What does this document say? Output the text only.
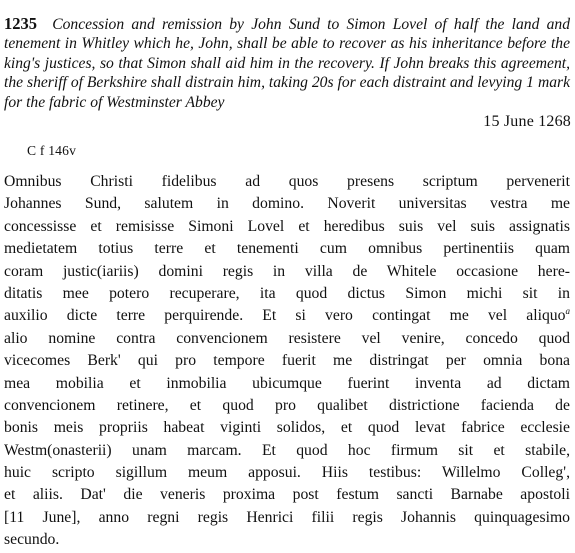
1235 Concession and remission by John Sund to Simon Lovel of half the land and tenement in Whitley which he, John, shall be able to recover as his inheritance before the king's justices, so that Simon shall aid him in the recovery. If John breaks this agreement, the sheriff of Berkshire shall distrain him, taking 20s for each distraint and levying 1 mark for the fabric of Westminster Abbey

15 June 1268

C f 146v

Omnibus Christi fidelibus ad quos presens scriptum pervenerit
Johannes Sund, salutem in domino. Noverit universitas vestra me
concessisse et remisisse Simoni Lovel et heredibus suis vel suis assignatis
medietatem totius terre et tenementi cum omnibus pertinentiis quam
coram justic(iariis) domini regis in villa de Whitele occasione here-
ditatis mee potero recuperare, ita quod dictus Simon michi sit in
auxilio dicte terre perquirende. Et si vero contingat me vel aliquo$^a$
alio nomine contra convencionem resistere vel venire, concedo quod
vicecomes Berk' qui pro tempore fuerit me distringat per omnia bona
mea mobilia et inmobilia ubicumque fuerint inventa ad dictam
convencionem retinere, et quod pro qualibet districtione facienda de
bonis meis propriis habeat viginti solidos, et quod levat fabrice ecclesie
Westm(onasterii) unam marcam. Et quod hoc firmum sit et stabile,
huic scripto sigillum meum apposui. Hiis testibus: Willelmo Colleg',
et aliis. Dat' die veneris proxima post festum sancti Barnabe apostoli
[11 June], anno regni regis Henrici filii regis Johannis quinquagesimo
secundo.
